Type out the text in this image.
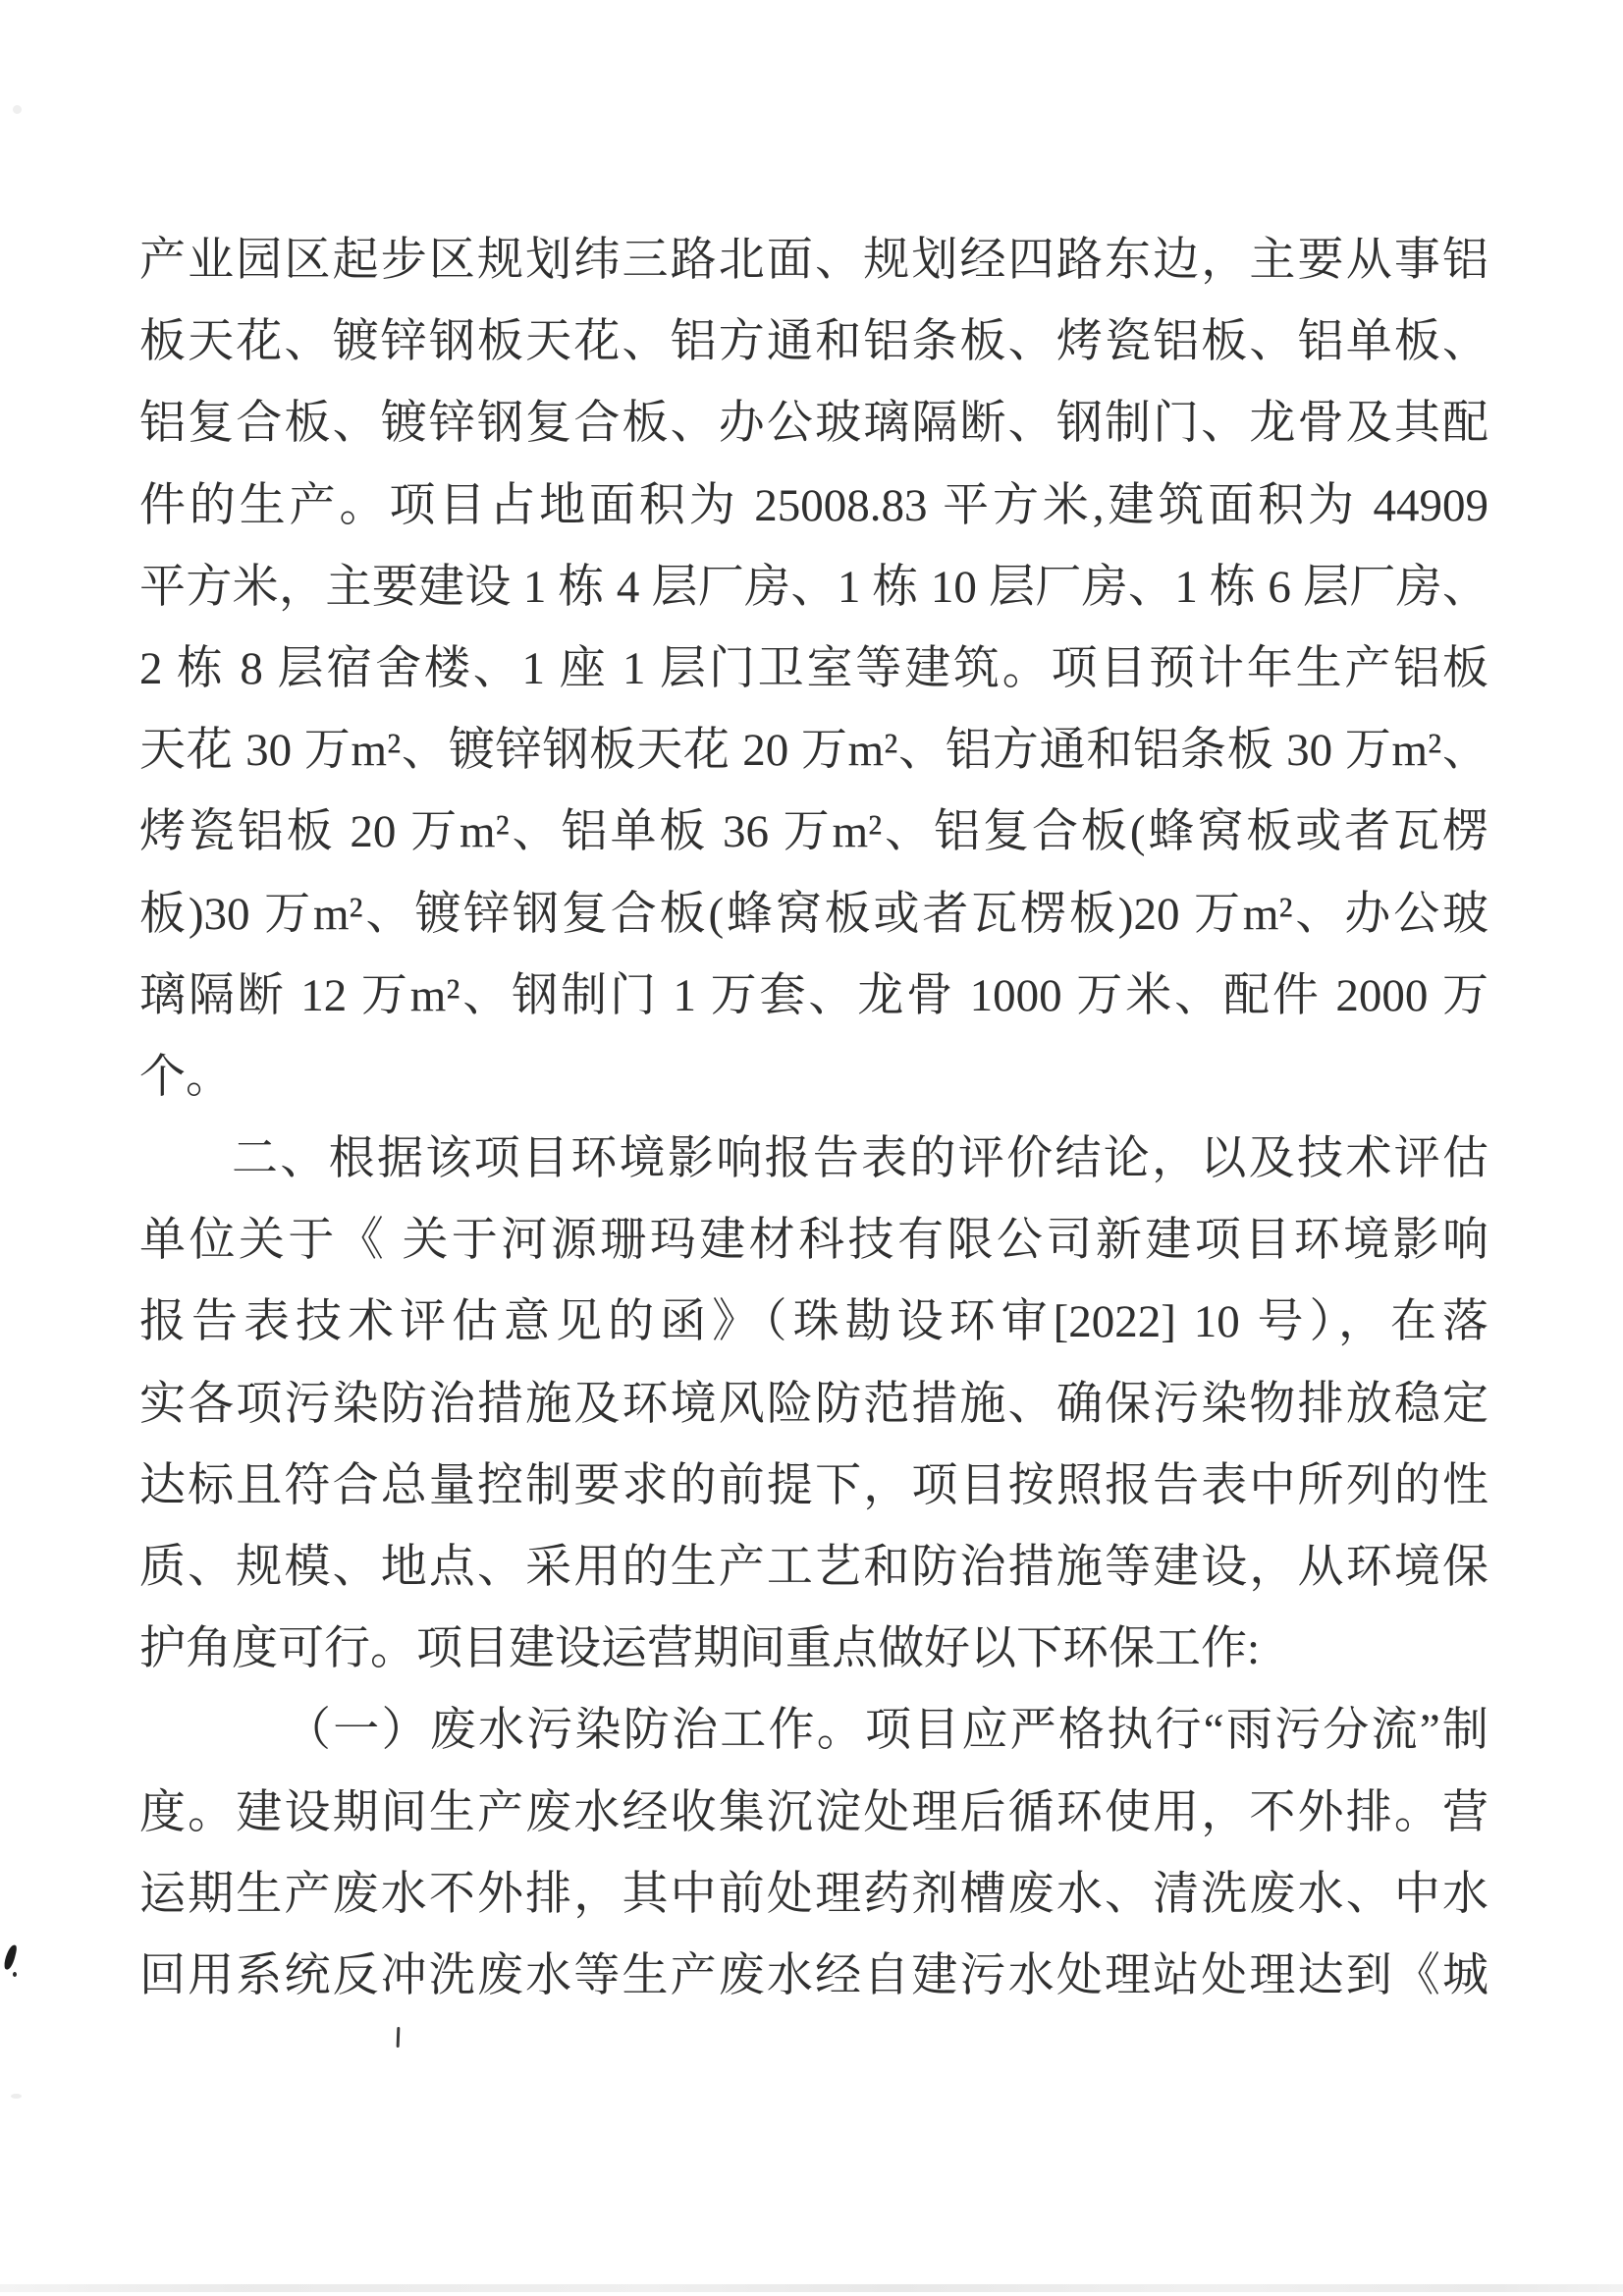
产业园区起步区规划纬三路北面、规划经四路东边，主要从事铝
板天花、镀锌钢板天花、铝方通和铝条板、烤瓷铝板、铝单板、
铝复合板、镀锌钢复合板、办公玻璃隔断、钢制门、龙骨及其配
件的生产。项目占地面积为 25008.83 平方米,建筑面积为 44909
平方米，主要建设 1 栋 4 层厂房、1 栋 10 层厂房、1 栋 6 层厂房、
2 栋 8 层宿舍楼、1 座 1 层门卫室等建筑。项目预计年生产铝板
天花 30 万m²、镀锌钢板天花 20 万m²、铝方通和铝条板 30 万m²、
烤瓷铝板 20 万m²、铝单板 36 万m²、铝复合板(蜂窝板或者瓦楞
板)30 万m²、镀锌钢复合板(蜂窝板或者瓦楞板)20 万m²、办公玻
璃隔断 12 万m²、钢制门 1 万套、龙骨 1000 万米、配件 2000 万
个。
二、根据该项目环境影响报告表的评价结论，以及技术评估
单位关于《 关于河源珊玛建材科技有限公司新建项目环境影响
报告表技术评估意见的函》（珠勘设环审[2022] 10 号），在落
实各项污染防治措施及环境风险防范措施、确保污染物排放稳定
达标且符合总量控制要求的前提下，项目按照报告表中所列的性
质、规模、地点、采用的生产工艺和防治措施等建设，从环境保
护角度可行。项目建设运营期间重点做好以下环保工作:
（一）废水污染防治工作。项目应严格执行“雨污分流”制
度。建设期间生产废水经收集沉淀处理后循环使用，不外排。营
运期生产废水不外排，其中前处理药剂槽废水、清洗废水、中水
回用系统反冲洗废水等生产废水经自建污水处理站处理达到《城
